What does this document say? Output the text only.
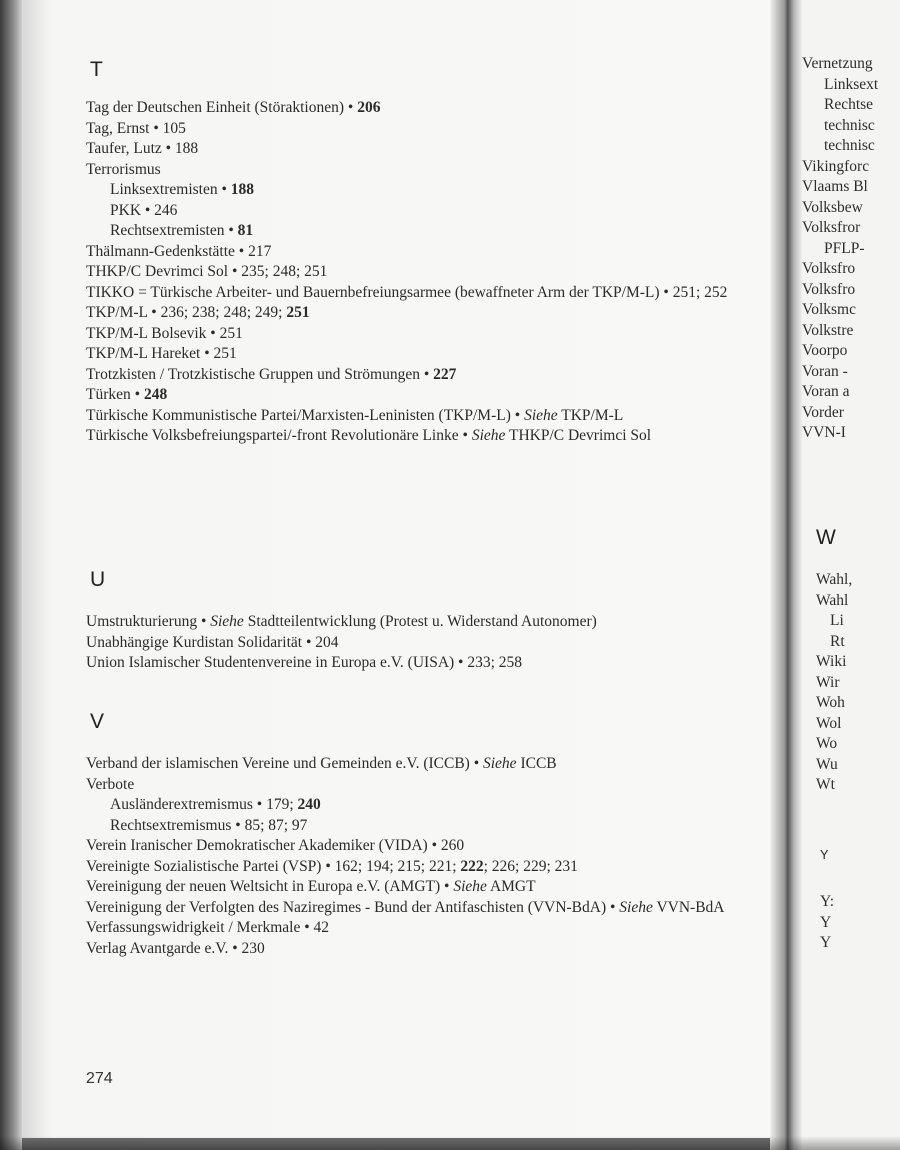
T
Tag der Deutschen Einheit (Störaktionen) • 206
Tag, Ernst • 105
Taufer, Lutz • 188
Terrorismus
Linksextremisten • 188
PKK • 246
Rechtsextremisten • 81
Thälmann-Gedenkstätte • 217
THKP/C Devrimci Sol • 235; 248; 251
TIKKO = Türkische Arbeiter- und Bauernbefreiungsarmee (bewaffneter Arm der TKP/M-L) • 251; 252
TKP/M-L • 236; 238; 248; 249; 251
TKP/M-L Bolsevik • 251
TKP/M-L Hareket • 251
Trotzkisten / Trotzkistische Gruppen und Strömungen • 227
Türken • 248
Türkische Kommunistische Partei/Marxisten-Leninisten (TKP/M-L) • Siehe TKP/M-L
Türkische Volksbefreiungspartei/-front Revolutionäre Linke • Siehe THKP/C Devrimci Sol
U
Umstrukturierung • Siehe Stadtteilentwicklung (Protest u. Widerstand Autonomer)
Unabhängige Kurdistan Solidarität • 204
Union Islamischer Studentenvereine in Europa e.V. (UISA) • 233; 258
V
Verband der islamischen Vereine und Gemeinden e.V. (ICCB) • Siehe ICCB
Verbote
Ausländerextremismus • 179; 240
Rechtsextremismus • 85; 87; 97
Verein Iranischer Demokratischer Akademiker (VIDA) • 260
Vereinigte Sozialistische Partei (VSP) • 162; 194; 215; 221; 222; 226; 229; 231
Vereinigung der neuen Weltsicht in Europa e.V. (AMGT) • Siehe AMGT
Vereinigung der Verfolgten des Naziregimes - Bund der Antifaschisten (VVN-BdA) • Siehe VVN-BdA
Verfassungswidrigkeit / Merkmale • 42
Verlag Avantgarde e.V. • 230
274
Vernetzung
Linksext
Rechtse
technisc
technisc
Vikingforc
Vlaams Bl
Volksbew
Volksfror
PFLP-
Volksfro
Volksfro
Volksmc
Volkstre
Voorpo
Voran -
Voran a
Vorder
VVN-I
W
Wahl,
Wahl
Li
Rt
Wiki
Wir
Woh
Wol
Wo
Wu
Wt
Y
Y:
Y
Y
